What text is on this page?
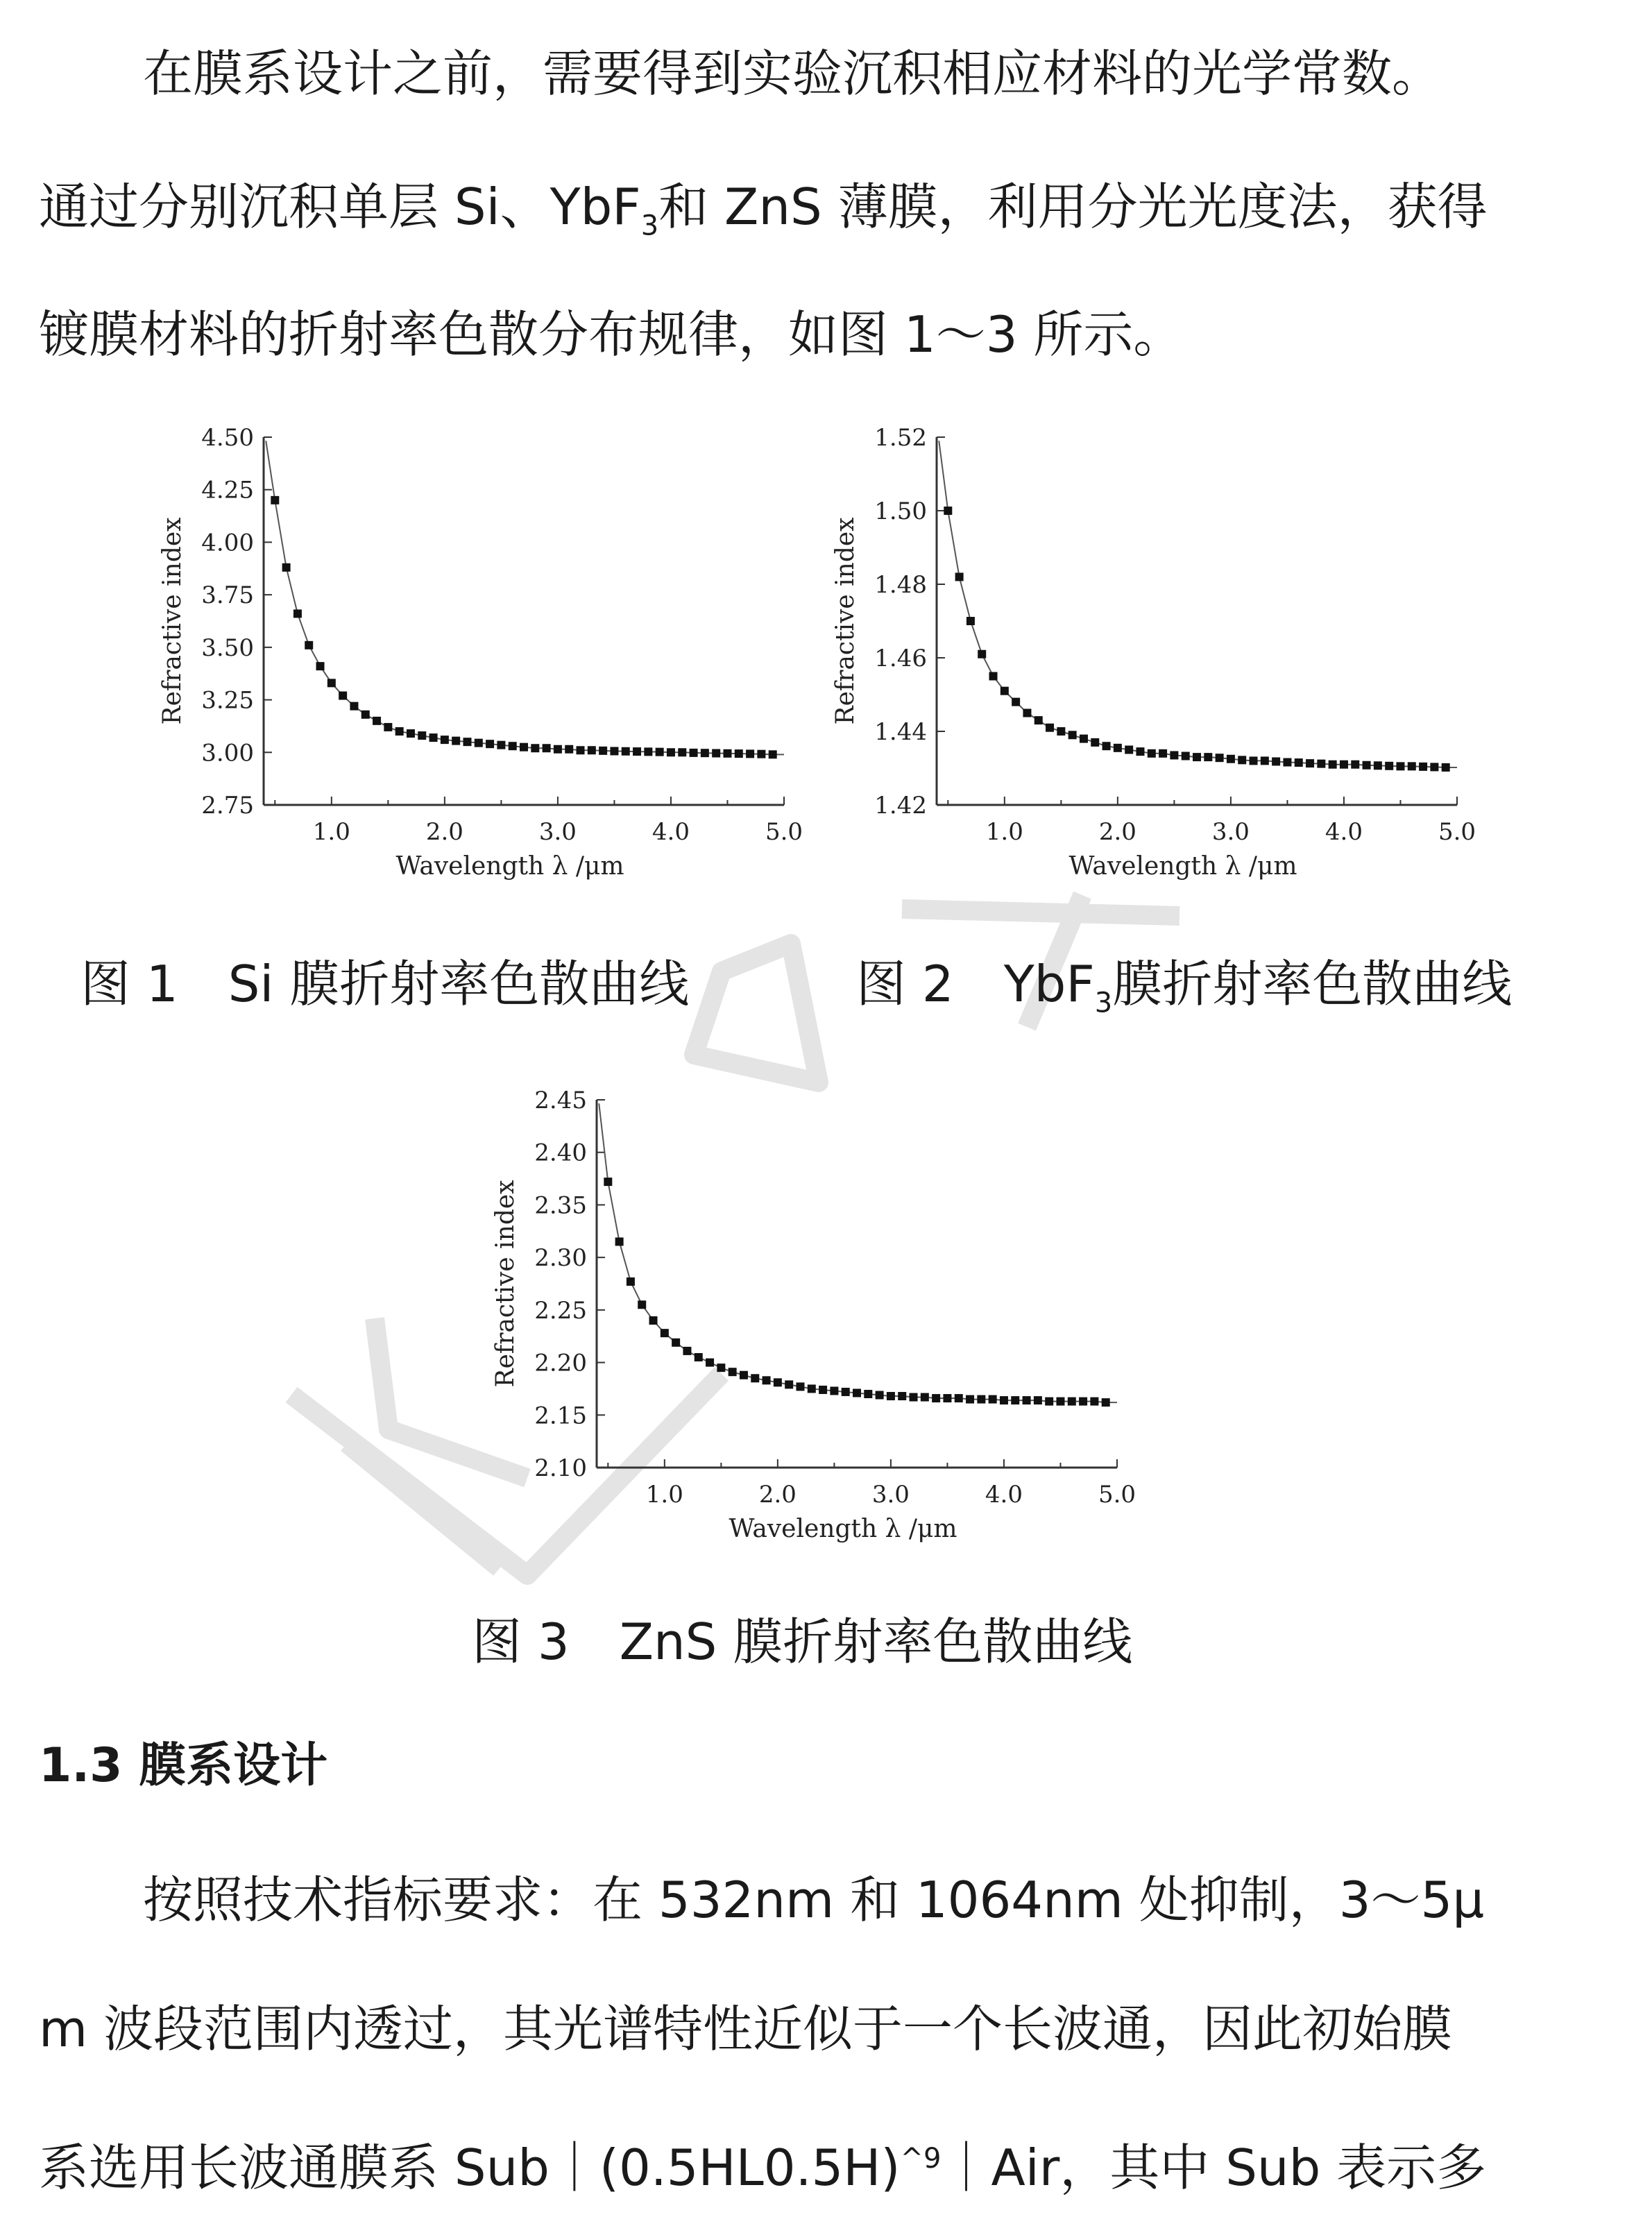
在膜系设计之前，需要得到实验沉积相应材料的光学常数。
通过分别沉积单层 Si、YbF$_3$和 ZnS 薄膜，利用分光光度法，获得
镀膜材料的折射率色散分布规律，如图 1～3 所示。
2.75
3.00
3.25
3.50
3.75
4.00
4.25
4.50
1.0	2.0	3.0	4.0	5.0
Wavelength λ /μm
Refractive index
1.42
1.44
1.46
1.48
1.50
1.52
1.0	2.0	3.0	4.0	5.0
Wavelength λ /μm
Refractive index
图 1　Si 膜折射率色散曲线	图 2　YbF$_3$膜折射率色散曲线
2.10
2.15
2.20
2.25
2.30
2.35
2.40
2.45
1.0	2.0	3.0	4.0	5.0
Wavelength λ /μm
Refractive index
图 3　ZnS 膜折射率色散曲线
1.3 膜系设计
按照技术指标要求：在 532nm 和 1064nm 处抑制，3～5μ
m 波段范围内透过，其光谱特性近似于一个长波通，因此初始膜
系选用长波通膜系 $Sub|(0.5HL0.5H)^{\^{}9}|Air$，其中 Sub 表示多
